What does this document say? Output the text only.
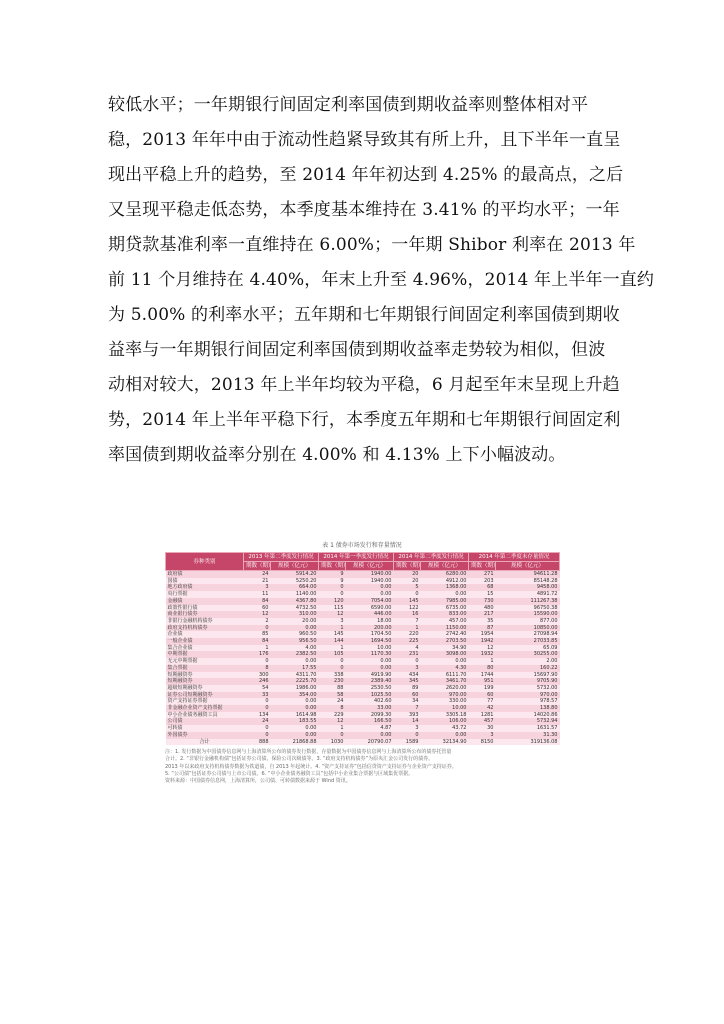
较低水平；一年期银行间固定利率国债到期收益率则整体相对平
稳，2013 年年中由于流动性趋紧导致其有所上升，且下半年一直呈
现出平稳上升的趋势，至 2014 年年初达到 4.25% 的最高点，之后
又呈现平稳走低态势，本季度基本维持在 3.41% 的平均水平；一年
期贷款基准利率一直维持在 6.00%；一年期 Shibor 利率在 2013 年
前 11 个月维持在 4.40%，年末上升至 4.96%，2014 年上半年一直约
为 5.00% 的利率水平；五年期和七年期银行间固定利率国债到期收
益率与一年期银行间固定利率国债到期收益率走势较为相似，但波
动相对较大，2013 年上半年均较为平稳，6 月起至年末呈现上升趋
势，2014 年上半年平稳下行，本季度五年期和七年期银行间固定利
率国债到期收益率分别在 4.00% 和 4.13% 上下小幅波动。
表 1 债券市场发行和存量情况
券种类别	2013 年第二季度发行情况		2014 年第一季度发行情况		2014 年第二季度发行情况		2014 年第二季度末存量情况	
	期数（期）	规模（亿元）	期数（期）	规模（亿元）	期数（期）	规模（亿元）	期数（期）	规模（亿元）
政府债	24	5914.20	9	1940.00	20	6280.00	271	94611.28
国债	21	5250.20	9	1940.00	20	4912.00	203	85148.28
地方政府债	3	664.00	0	0.00	5	1368.00	68	9458.00
央行票据	11	1140.00	0	0.00	0	0.00	15	4891.72
金融债	84	4367.80	120	7054.00	145	7985.00	730	111267.38
政策性银行债	60	4732.50	115	6590.00	122	6735.00	480	96750.38
商业银行债券	12	310.00	12	446.00	16	833.00	217	15590.00
非银行金融机构债券	2	20.00	3	18.00	7	457.00	35	877.00
政府支持机构债券	0	0.00	1	200.00	1	1150.00	87	10850.00
企业债	85	960.50	145	1704.50	220	2742.40	1954	27098.94
一般企业债	84	956.50	144	1694.50	225	2703.50	1942	27033.85
集合企业债	1	4.00	1	10.00	4	34.90	12	65.09
中期票据	176	2382.50	105	1170.30	231	3098.00	1932	30255.00
无元中期票据	0	0.00	0	0.00	0	0.00	1	2.00
集合票据	8	17.55	0	0.00	3	4.30	80	160.22
短期融资券	300	4311.70	338	4919.90	434	6111.70	1744	15697.90
短期融资券	246	2225.70	230	2389.40	345	3461.70	951	9705.90
超级短期融资券	54	1986.00	88	2530.50	89	2620.00	199	5732.00
证券公司短期融资券	33	354.00	58	1025.50	60	970.00	60	970.00
资产支持证券票据	0	0.00	24	402.60	34	330.00	77	978.57
非金融企业资产支持票据	0	0.00	8	33.00	7	10.00	42	138.80
中小企业债务融资工具	134	1614.98	229	2099.30	393	3305.18	1281	14020.86
公司债	24	183.55	12	166.50	14	106.00	457	5732.94
可转债	0	0.00	1	4.87	3	43.72	30	1631.57
外国债券	0	0.00	0	0.00	0	0.00	3	31.30
合计	888	21868.88	1030	20790.07	1589	32134.90	8150	319136.08
注：1. 发行数据为中国债券信息网与上海清算所公布的债券发行数据，存量数据为中国债券信息网与上海清算所公布的债券托管量
合计。2. “非银行金融机构债”包括证券公司债、保险公司次级债等。3. “政府支持机构债券”为原央汇金公司发行的债券。
2013 年以来政府支持机构债券数据为铁道债，自 2013 年起统计。4. “资产支持证券”包括信贷资产支持证券与企业资产支持证券。
5. “公司债”包括证券公司债与上市公司债。6. “中小企业债务融资工具”包括中小企业集合票据与区域集优票据。
资料来源：中国债券信息网，上海清算所，公司债、可转债数据来源于 Wind 资讯。
